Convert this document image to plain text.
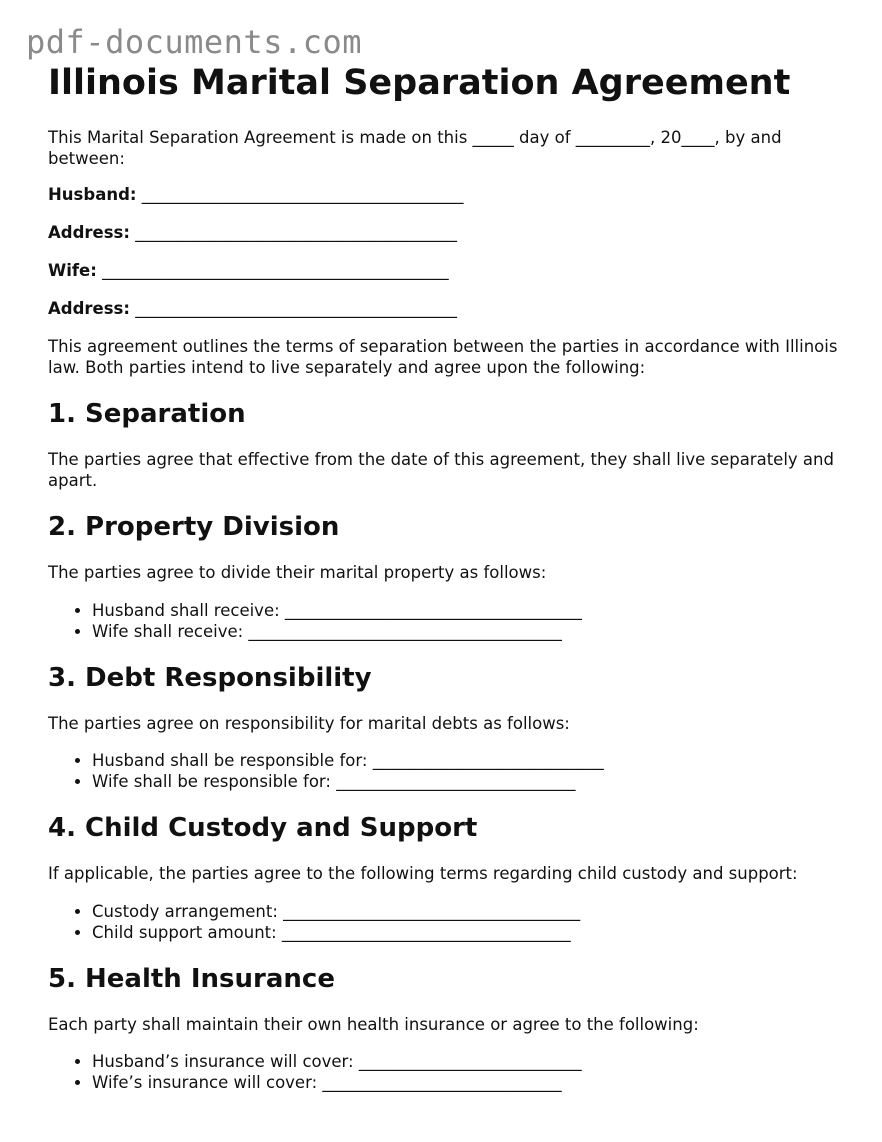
pdf-documents.com
Illinois Marital Separation Agreement

This Marital Separation Agreement is made on this _____ day of _________, 20____, by and between:

Husband: _______________________________________
Address: _______________________________________
Wife: __________________________________________
Address: _______________________________________

This agreement outlines the terms of separation between the parties in accordance with Illinois law. Both parties intend to live separately and agree upon the following:

1. Separation

The parties agree that effective from the date of this agreement, they shall live separately and apart.

2. Property Division

The parties agree to divide their marital property as follows:

• Husband shall receive: ____________________________________
• Wife shall receive: ______________________________________
3. Debt Responsibility

The parties agree on responsibility for marital debts as follows:

• Husband shall be responsible for: ____________________________
• Wife shall be responsible for: _____________________________
4. Child Custody and Support

If applicable, the parties agree to the following terms regarding child custody and support:

• Custody arrangement: ____________________________________
• Child support amount: ___________________________________
5. Health Insurance

Each party shall maintain their own health insurance or agree to the following:

• Husband’s insurance will cover: ___________________________
• Wife’s insurance will cover: _____________________________
